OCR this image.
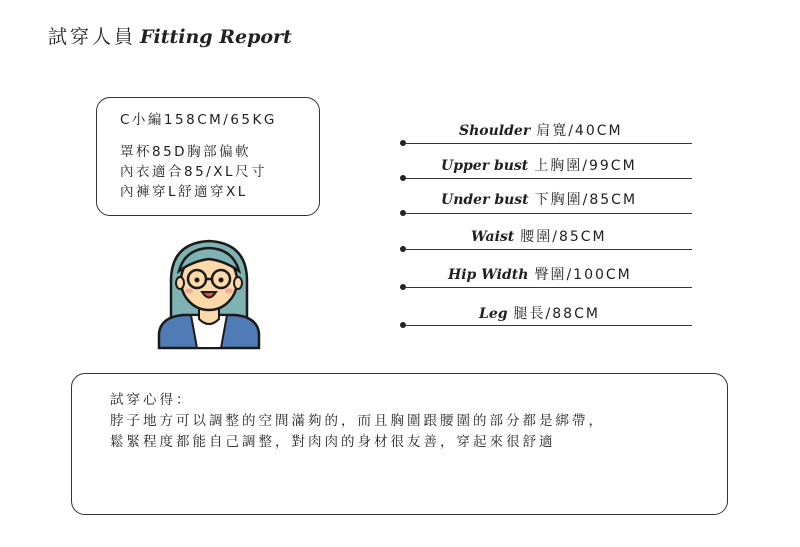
試穿人員 Fitting Report
C小編158CM/65KG
罩杯85D胸部偏軟
內衣適合85/XL尺寸
內褲穿L舒適穿XL
Shoulder 肩寬/40CM
Upper bust 上胸圍/99CM
Under bust 下胸圍/85CM
Waist 腰圍/85CM
Hip Width 臀圍/100CM
Leg 腿長/88CM
試穿心得：
脖子地方可以調整的空間滿夠的，而且胸圍跟腰圍的部分都是綁帶，
鬆緊程度都能自己調整，對肉肉的身材很友善，穿起來很舒適
